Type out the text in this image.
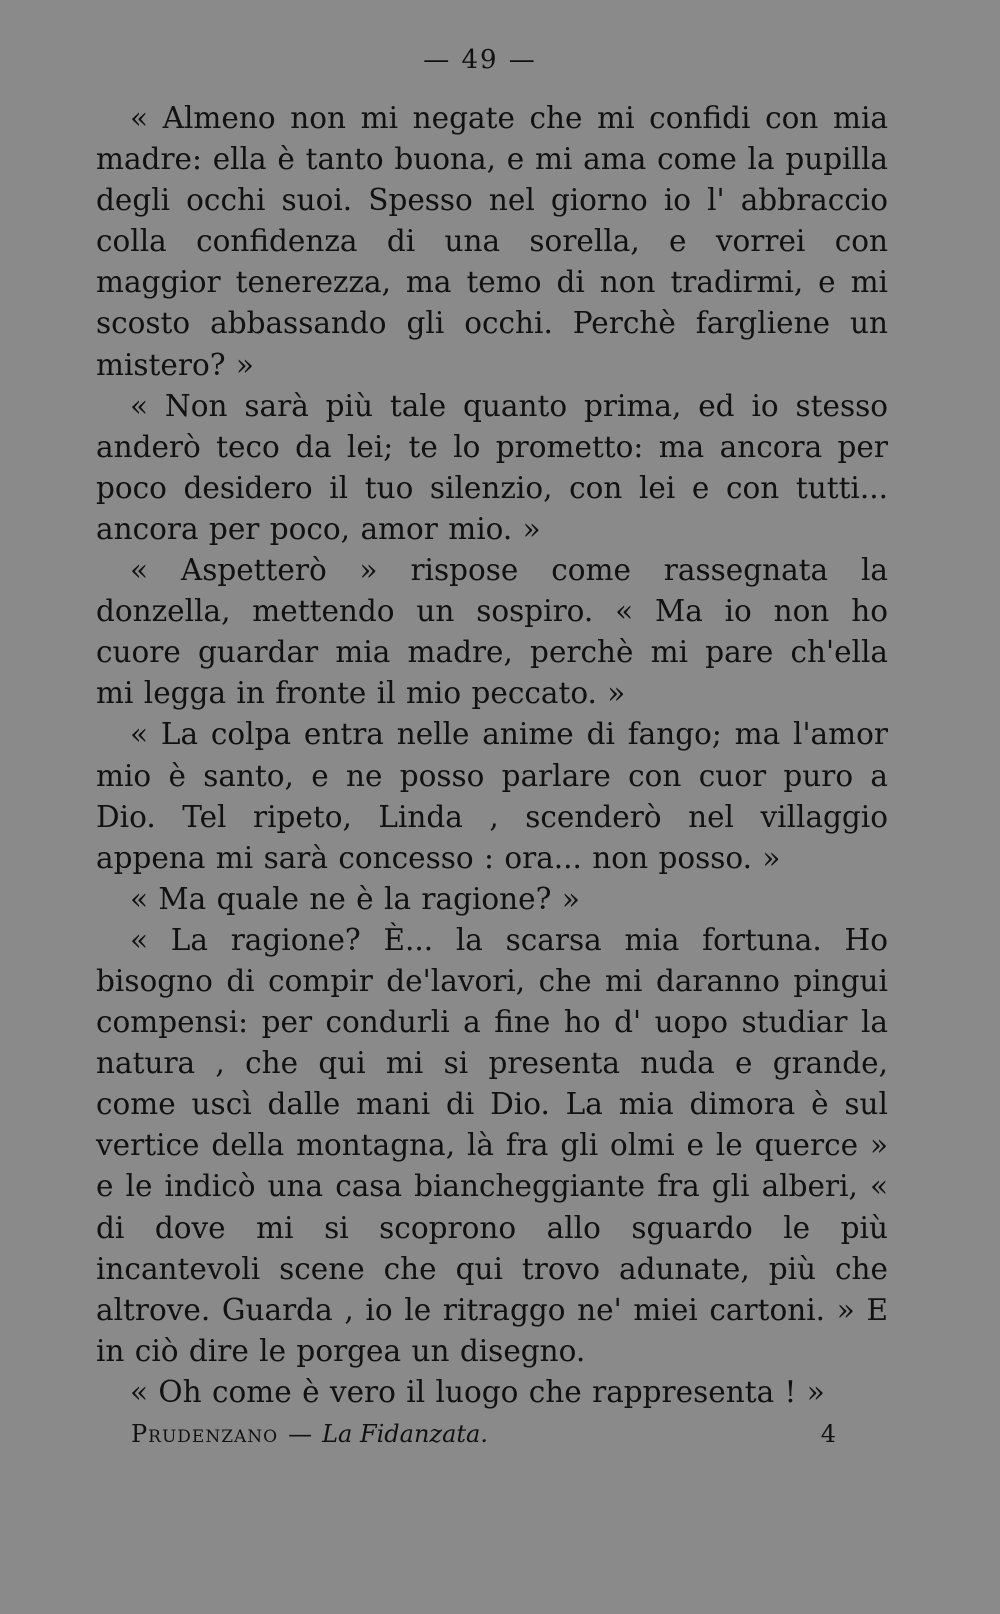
— 49 —

« Almeno non mi negate che mi confidi con mia madre: ella è tanto buona, e mi ama come la pupilla degli occhi suoi. Spesso nel giorno io l' abbraccio colla confidenza di una sorella, e vorrei con maggior tenerezza, ma temo di non tradirmi, e mi scosto abbassando gli occhi. Perchè fargliene un mistero? »

« Non sarà più tale quanto prima, ed io stesso anderò teco da lei; te lo prometto: ma ancora per poco desidero il tuo silenzio, con lei e con tutti... ancora per poco, amor mio. »

« Aspetterò » rispose come rassegnata la donzella, mettendo un sospiro. « Ma io non ho cuore guardar mia madre, perchè mi pare ch'ella mi legga in fronte il mio peccato. »

« La colpa entra nelle anime di fango; ma l'amor mio è santo, e ne posso parlare con cuor puro a Dio. Tel ripeto, Linda , scenderò nel villaggio appena mi sarà concesso : ora... non posso. »

« Ma quale ne è la ragione? »

« La ragione? È... la scarsa mia fortuna. Ho bisogno di compir de'lavori, che mi daranno pingui compensi: per condurli a fine ho d' uopo studiar la natura , che qui mi si presenta nuda e grande, come uscì dalle mani di Dio. La mia dimora è sul vertice della montagna, là fra gli olmi e le querce » e le indicò una casa biancheggiante fra gli alberi, « di dove mi si scoprono allo sguardo le più incantevoli scene che qui trovo adunate, più che altrove. Guarda , io le ritraggo ne' miei cartoni. » E in ciò dire le porgea un disegno.

« Oh come è vero il luogo che rappresenta ! »

Prudenzano — La Fidanzata.	4
